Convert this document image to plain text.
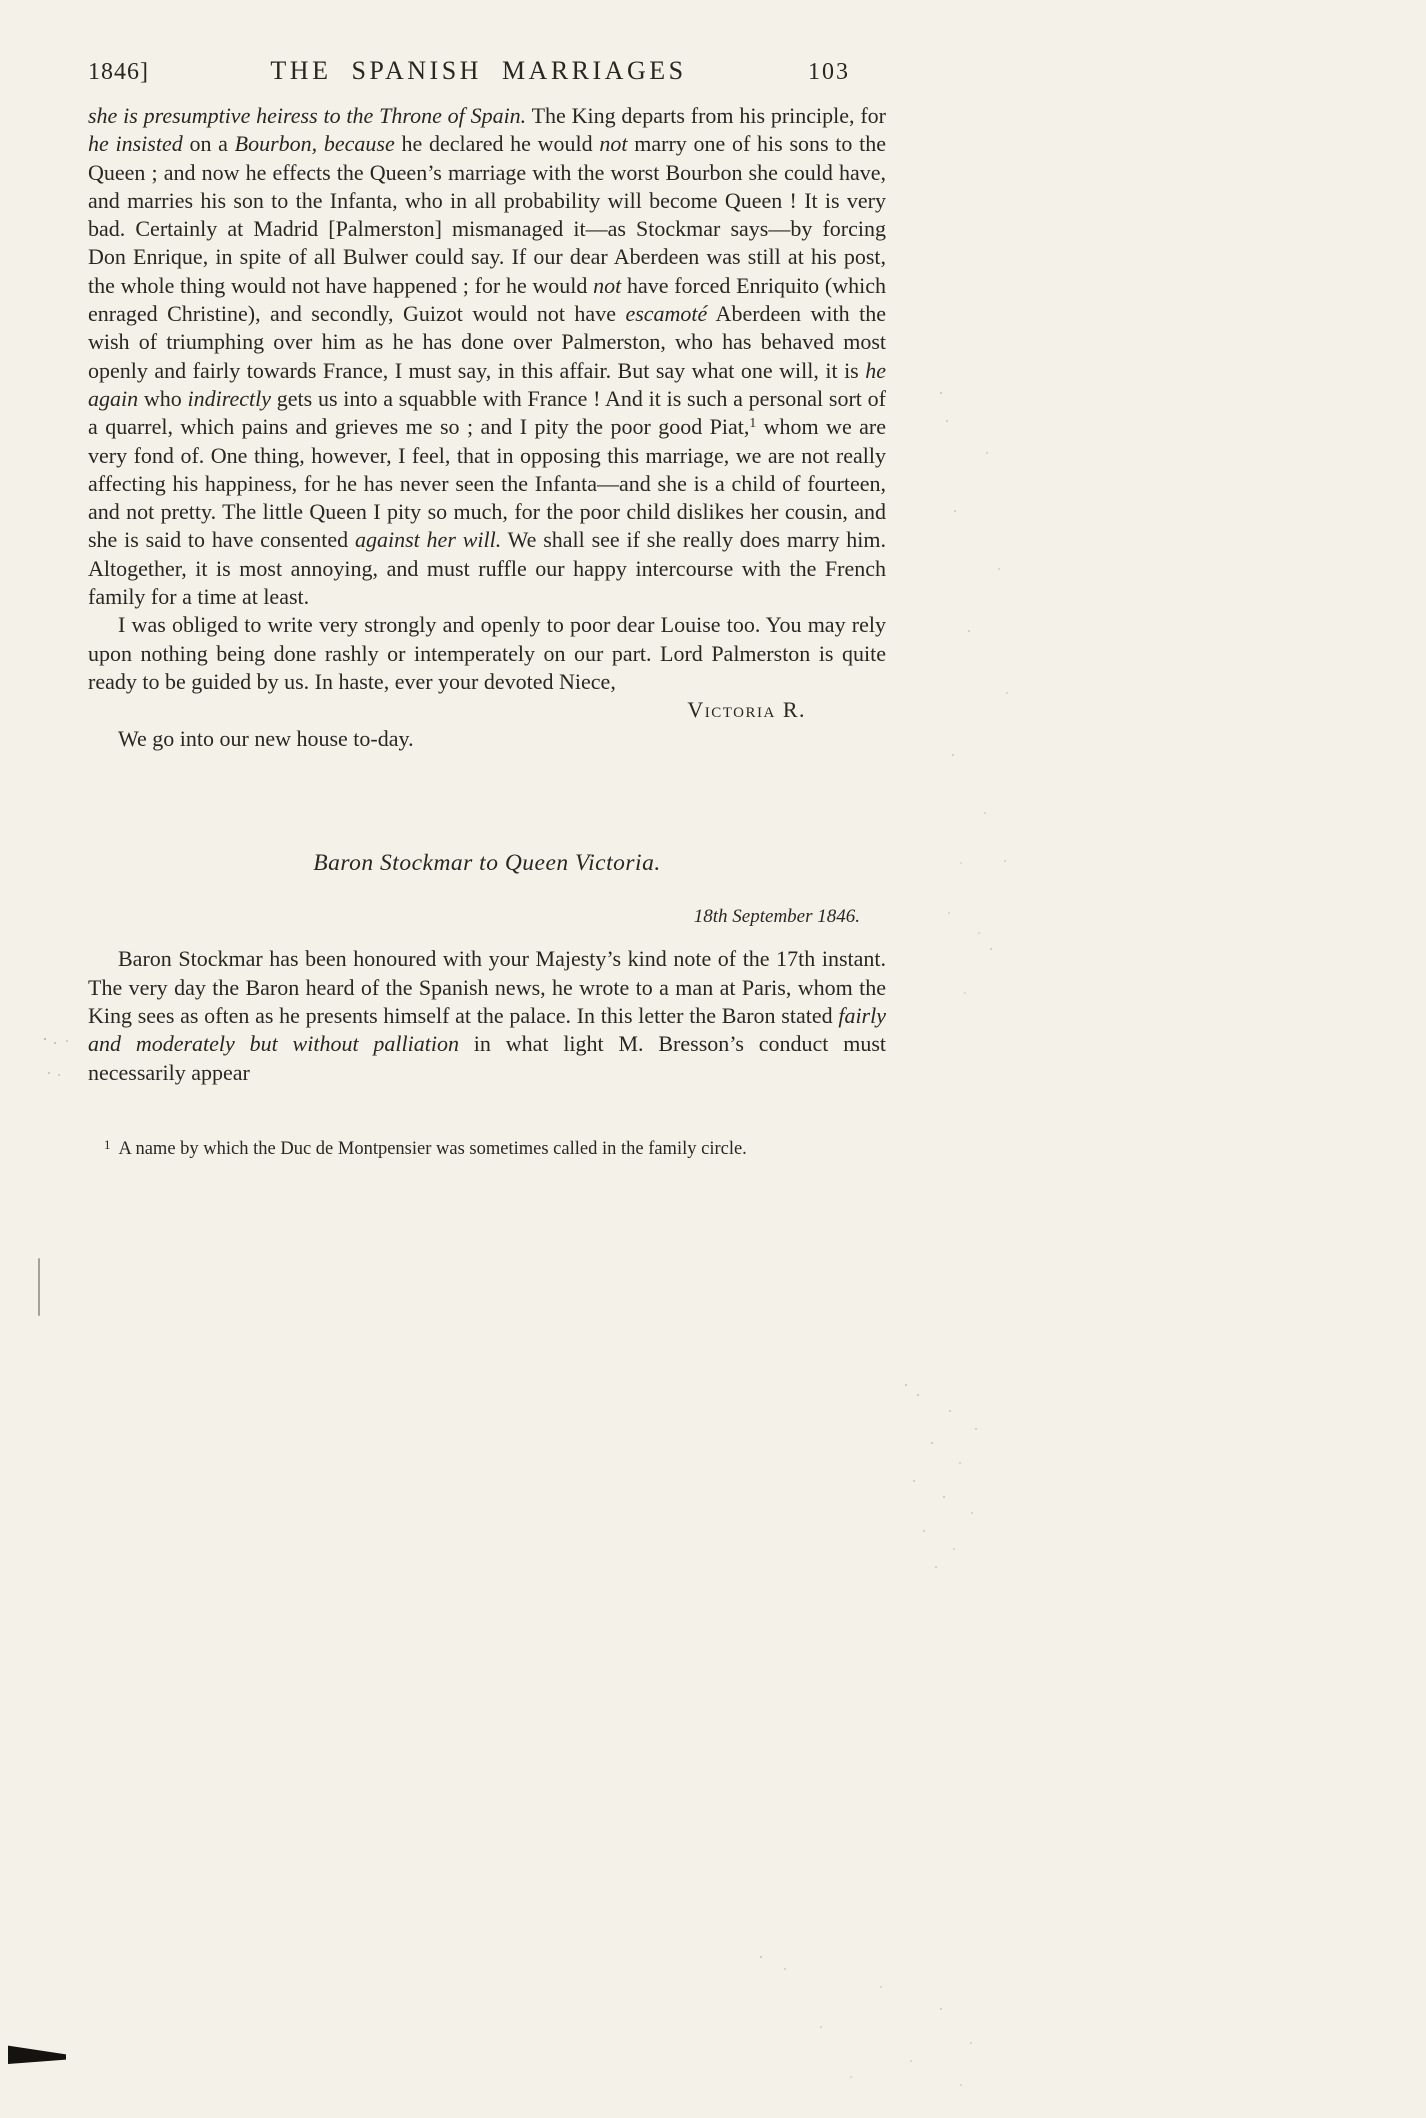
1846]	THE SPANISH MARRIAGES	103

she is presumptive heiress to the Throne of Spain. The King departs from his principle, for he insisted on a Bourbon, because he declared he would not marry one of his sons to the Queen ; and now he effects the Queen’s marriage with the worst Bourbon she could have, and marries his son to the Infanta, who in all probability will become Queen ! It is very bad. Certainly at Madrid [Palmerston] mismanaged it—as Stockmar says—by forcing Don Enrique, in spite of all Bulwer could say. If our dear Aberdeen was still at his post, the whole thing would not have happened ; for he would not have forced Enriquito (which enraged Christine), and secondly, Guizot would not have escamoté Aberdeen with the wish of triumphing over him as he has done over Palmerston, who has behaved most openly and fairly towards France, I must say, in this affair. But say what one will, it is he again who indirectly gets us into a squabble with France ! And it is such a personal sort of a quarrel, which pains and grieves me so ; and I pity the poor good Piat,$^1$ whom we are very fond of. One thing, however, I feel, that in opposing this marriage, we are not really affecting his happiness, for he has never seen the Infanta—and she is a child of fourteen, and not pretty. The little Queen I pity so much, for the poor child dislikes her cousin, and she is said to have consented against her will. We shall see if she really does marry him. Altogether, it is most annoying, and must ruffle our happy intercourse with the French family for a time at least.

I was obliged to write very strongly and openly to poor dear Louise too. You may rely upon nothing being done rashly or intemperately on our part. Lord Palmerston is quite ready to be guided by us. In haste, ever your devoted Niece,

Victoria R.

We go into our new house to-day.

Baron Stockmar to Queen Victoria.
18th September 1846.

Baron Stockmar has been honoured with your Majesty’s kind note of the 17th instant. The very day the Baron heard of the Spanish news, he wrote to a man at Paris, whom the King sees as often as he presents himself at the palace. In this letter the Baron stated fairly and moderately but without palliation in what light M. Bresson’s conduct must necessarily appear

$^1$ A name by which the Duc de Montpensier was sometimes called in the family circle.
